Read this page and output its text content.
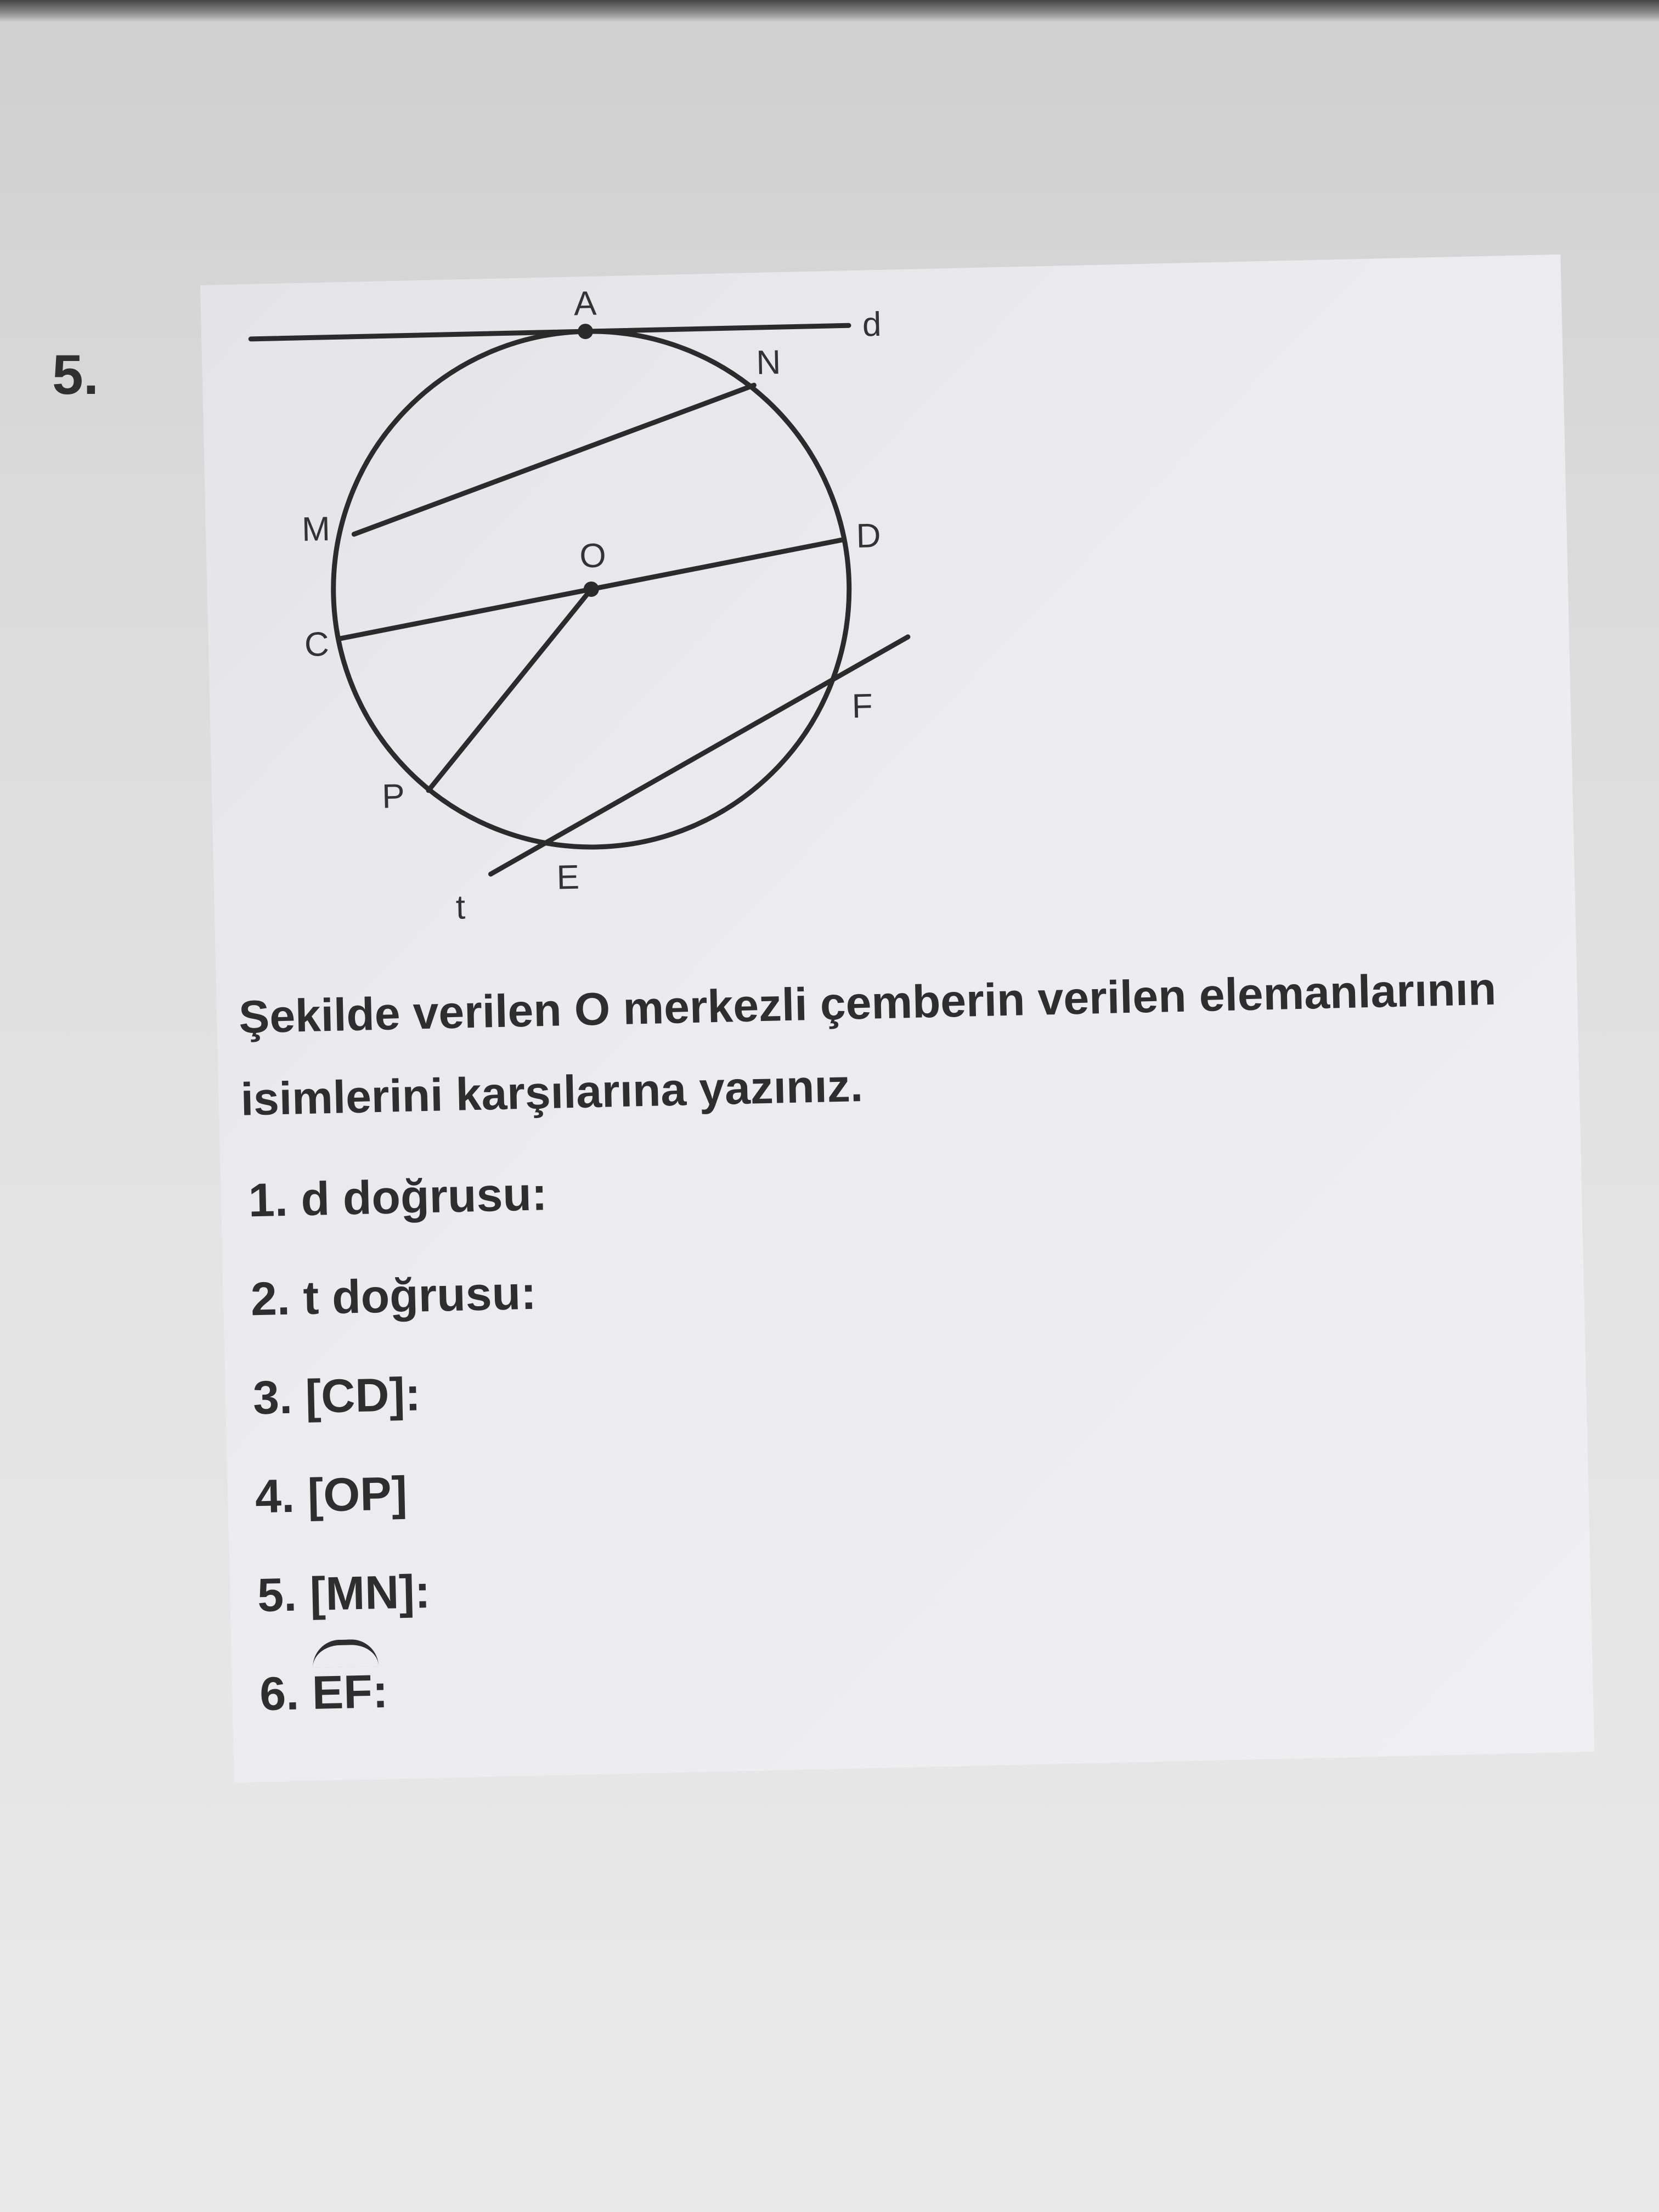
5.
A
d
N
M
O
D
C
F
P
E
t

Şekilde verilen O merkezli çemberin verilen elemanlarının isimlerini karşılarına yazınız.

1. d doğrusu:
2. t doğrusu:
3. [CD]:
4. [OP]
5. [MN]:
6.
EF:
